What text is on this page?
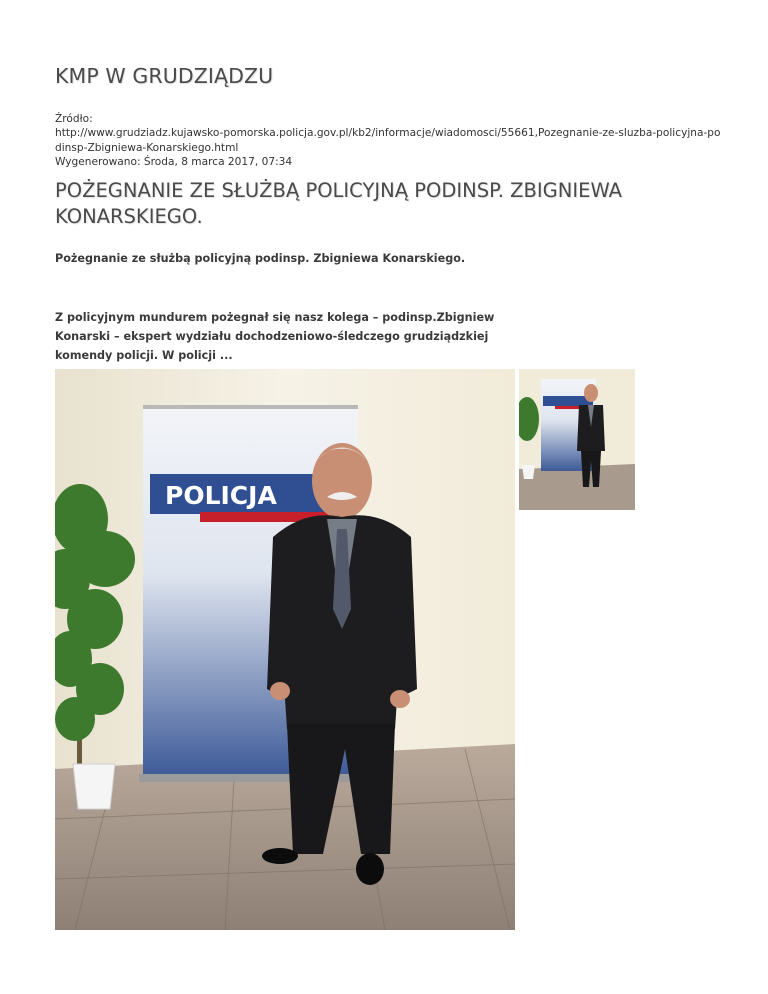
KMP W GRUDZIĄDZU
Źródło:
http://www.grudziadz.kujawsko-pomorska.policja.gov.pl/kb2/informacje/wiadomosci/55661,Pozegnanie-ze-sluzba-policyjna-podinsp-Zbigniewa-Konarskiego.html
Wygenerowano: Środa, 8 marca 2017, 07:34
POŻEGNANIE ZE SŁUŻBĄ POLICYJNĄ PODINSP. ZBIGNIEWA KONARSKIEGO.

Pożegnanie ze służbą policyjną podinsp. Zbigniewa Konarskiego.

Z policyjnym mundurem pożegnał się nasz kolega – podinsp.Zbigniew Konarski – ekspert wydziału dochodzeniowo-śledczego grudziądzkiej komendy policji. W policji ...

POLICJA
